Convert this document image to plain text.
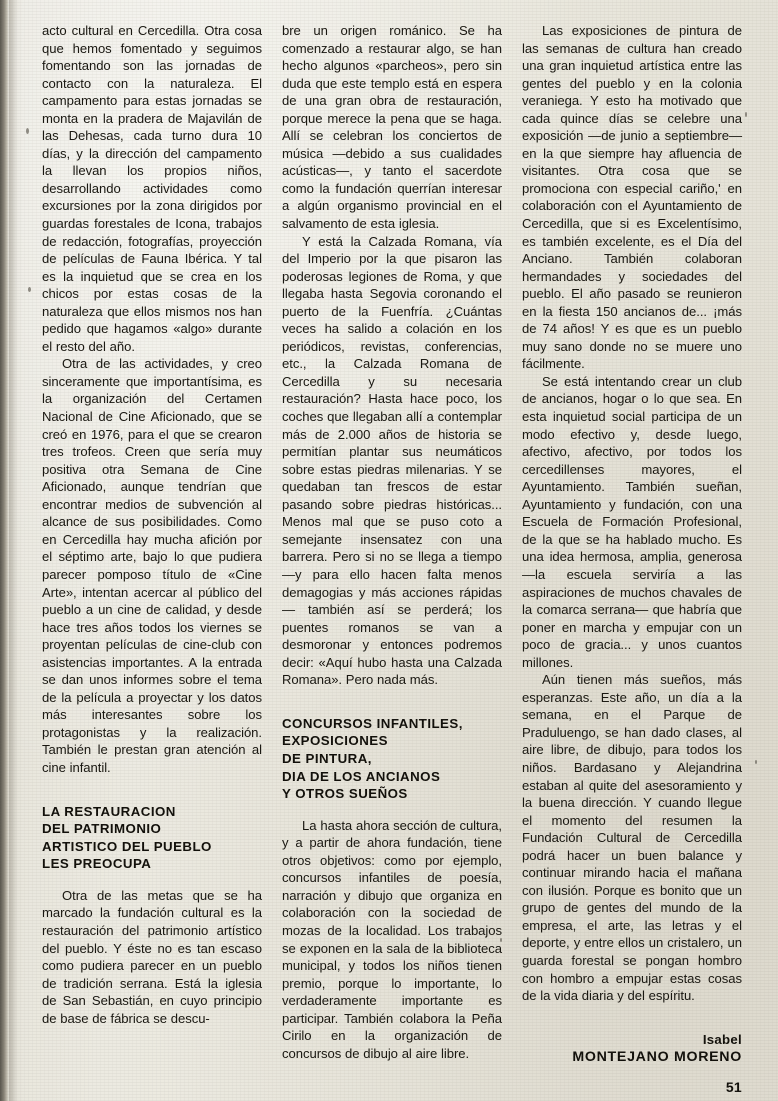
acto cultural en Cercedilla. Otra cosa que hemos fomentado y seguimos fomentando son las jornadas de contacto con la naturaleza. El campamento para estas jornadas se monta en la pradera de Majavilán de las Dehesas, cada turno dura 10 días, y la dirección del campamento la llevan los propios niños, desarrollando actividades como excursiones por la zona dirigidos por guardas forestales de Icona, trabajos de redacción, fotografías, proyección de películas de Fauna Ibérica. Y tal es la inquietud que se crea en los chicos por estas cosas de la naturaleza que ellos mismos nos han pedido que hagamos «algo» durante el resto del año.

Otra de las actividades, y creo sinceramente que importantísima, es la organización del Certamen Nacional de Cine Aficionado, que se creó en 1976, para el que se crearon tres trofeos. Creen que sería muy positiva otra Semana de Cine Aficionado, aunque tendrían que encontrar medios de subvención al alcance de sus posibilidades. Como en Cercedilla hay mucha afición por el séptimo arte, bajo lo que pudiera parecer pomposo título de «Cine Arte», intentan acercar al público del pueblo a un cine de calidad, y desde hace tres años todos los viernes se proyentan películas de cine-club con asistencias importantes. A la entrada se dan unos informes sobre el tema de la película a proyectar y los datos más interesantes sobre los protagonistas y la realización. También le prestan gran atención al cine infantil.

LA RESTAURACION
DEL PATRIMONIO
ARTISTICO DEL PUEBLO
LES PREOCUPA

Otra de las metas que se ha marcado la fundación cultural es la restauración del patrimonio artístico del pueblo. Y éste no es tan escaso como pudiera parecer en un pueblo de tradición serrana. Está la iglesia de San Sebastián, en cuyo principio de base de fábrica se descu-

bre un origen románico. Se ha comenzado a restaurar algo, se han hecho algunos «parcheos», pero sin duda que este templo está en espera de una gran obra de restauración, porque merece la pena que se haga. Allí se celebran los conciertos de música —debido a sus cualidades acústicas—, y tanto el sacerdote como la fundación querrían interesar a algún organismo provincial en el salvamento de esta iglesia.

Y está la Calzada Romana, vía del Imperio por la que pisaron las poderosas legiones de Roma, y que llegaba hasta Segovia coronando el puerto de la Fuenfría. ¿Cuántas veces ha salido a colación en los periódicos, revistas, conferencias, etc., la Calzada Romana de Cercedilla y su necesaria restauración? Hasta hace poco, los coches que llegaban allí a contemplar más de 2.000 años de historia se permitían plantar sus neumáticos sobre estas piedras milenarias. Y se quedaban tan frescos de estar pasando sobre piedras históricas... Menos mal que se puso coto a semejante insensatez con una barrera. Pero si no se llega a tiempo —y para ello hacen falta menos demagogias y más acciones rápidas— también así se perderá; los puentes romanos se van a desmoronar y entonces podremos decir: «Aquí hubo hasta una Calzada Romana». Pero nada más.

CONCURSOS INFANTILES,
EXPOSICIONES
DE PINTURA,
DIA DE LOS ANCIANOS
Y OTROS SUEÑOS

La hasta ahora sección de cultura, y a partir de ahora fundación, tiene otros objetivos: como por ejemplo, concursos infantiles de poesía, narración y dibujo que organiza en colaboración con la sociedad de mozas de la localidad. Los trabajos se exponen en la sala de la biblioteca municipal, y todos los niños tienen premio, porque lo importante, lo verdaderamente importante es participar. También colabora la Peña Cirilo en la organización de concursos de dibujo al aire libre.

Las exposiciones de pintura de las semanas de cultura han creado una gran inquietud artística entre las gentes del pueblo y en la colonia veraniega. Y esto ha motivado que cada quince días se celebre una exposición —de junio a septiembre— en la que siempre hay afluencia de visitantes. Otra cosa que se promociona con especial cariño,' en colaboración con el Ayuntamiento de Cercedilla, que si es Excelentísimo, es también excelente, es el Día del Anciano. También colaboran hermandades y sociedades del pueblo. El año pasado se reunieron en la fiesta 150 ancianos de... ¡más de 74 años! Y es que es un pueblo muy sano donde no se muere uno fácilmente.

Se está intentando crear un club de ancianos, hogar o lo que sea. En esta inquietud social participa de un modo efectivo y, desde luego, afectivo, afectivo, por todos los cercedillenses mayores, el Ayuntamiento. También sueñan, Ayuntamiento y fundación, con una Escuela de Formación Profesional, de la que se ha hablado mucho. Es una idea hermosa, amplia, generosa —la escuela serviría a las aspiraciones de muchos chavales de la comarca serrana— que habría que poner en marcha y empujar con un poco de gracia... y unos cuantos millones.

Aún tienen más sueños, más esperanzas. Este año, un día a la semana, en el Parque de Praduluengo, se han dado clases, al aire libre, de dibujo, para todos los niños. Bardasano y Alejandrina estaban al quite del asesoramiento y la buena dirección. Y cuando llegue el momento del resumen la Fundación Cultural de Cercedilla podrá hacer un buen balance y continuar mirando hacia el mañana con ilusión. Porque es bonito que un grupo de gentes del mundo de la empresa, el arte, las letras y el deporte, y entre ellos un cristalero, un guarda forestal se pongan hombro con hombro a empujar estas cosas de la vida diaria y del espíritu.

Isabel
MONTEJANO MORENO
51
